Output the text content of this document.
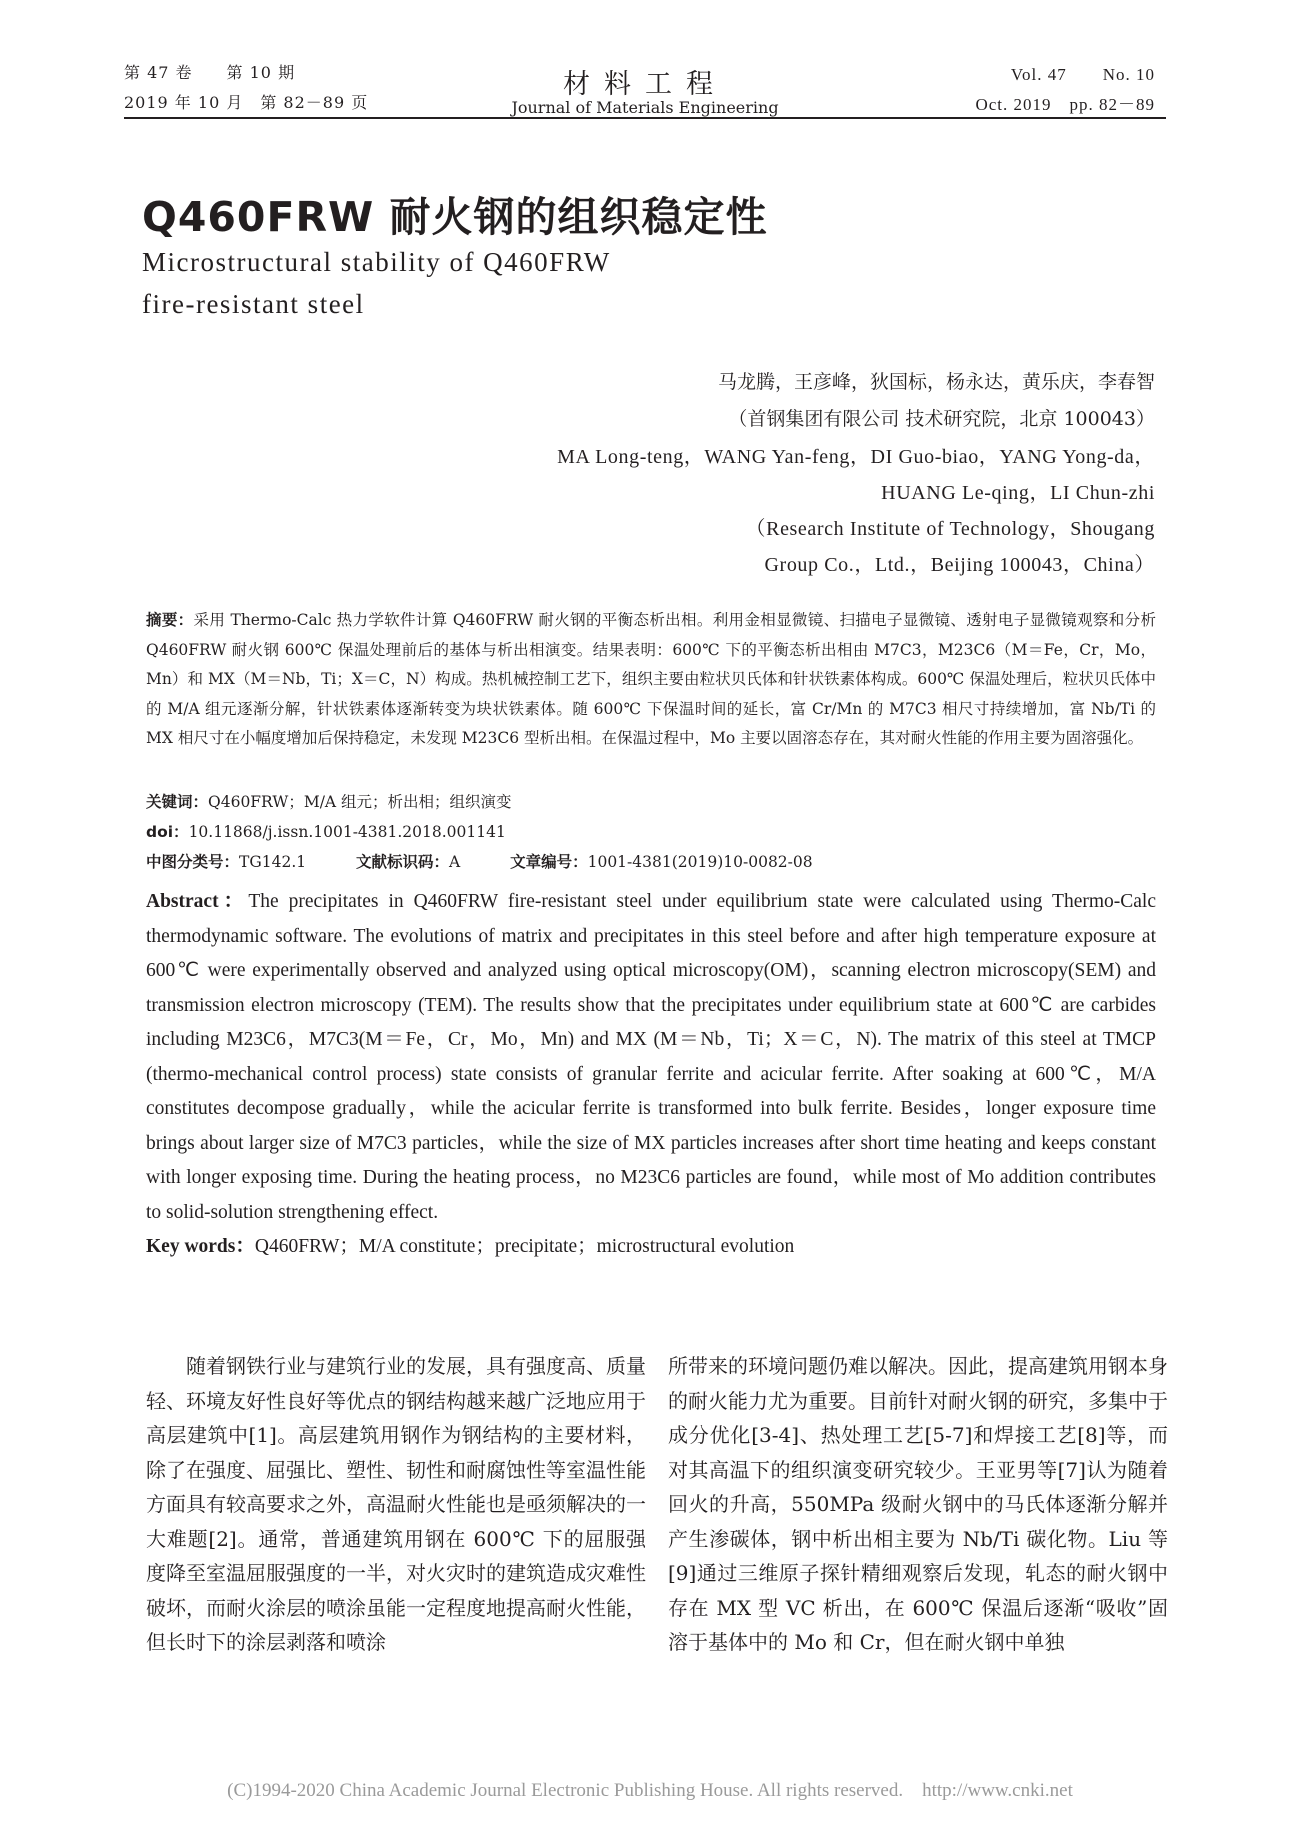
第 47 卷　　第 10 期
2019 年 10 月　第 82－89 页
材料工程
Journal of Materials Engineering
Vol. 47　　No. 10
Oct. 2019　pp. 82－89
Q460FRW 耐火钢的组织稳定性
Microstructural stability of Q460FRW
fire-resistant steel
马龙腾，王彦峰，狄国标，杨永达，黄乐庆，李春智
（首钢集团有限公司 技术研究院，北京 100043）
MA Long-teng，WANG Yan-feng，DI Guo-biao，YANG Yong-da，
HUANG Le-qing，LI Chun-zhi
（Research Institute of Technology，Shougang
Group Co.，Ltd.，Beijing 100043，China）
摘要：采用 Thermo-Calc 热力学软件计算 Q460FRW 耐火钢的平衡态析出相。利用金相显微镜、扫描电子显微镜、透射电子显微镜观察和分析 Q460FRW 耐火钢 600℃ 保温处理前后的基体与析出相演变。结果表明：600℃ 下的平衡态析出相由 M7C3，M23C6（M＝Fe，Cr，Mo，Mn）和 MX（M＝Nb，Ti；X＝C，N）构成。热机械控制工艺下，组织主要由粒状贝氏体和针状铁素体构成。600℃ 保温处理后，粒状贝氏体中的 M/A 组元逐渐分解，针状铁素体逐渐转变为块状铁素体。随 600℃ 下保温时间的延长，富 Cr/Mn 的 M7C3 相尺寸持续增加，富 Nb/Ti 的 MX 相尺寸在小幅度增加后保持稳定，未发现 M23C6 型析出相。在保温过程中，Mo 主要以固溶态存在，其对耐火性能的作用主要为固溶强化。
关键词：Q460FRW；M/A 组元；析出相；组织演变
doi：10.11868/j.issn.1001-4381.2018.001141
中图分类号：TG142.1	文献标识码：A	文章编号：1001-4381(2019)10-0082-08
Abstract：The precipitates in Q460FRW fire-resistant steel under equilibrium state were calculated using Thermo-Calc thermodynamic software. The evolutions of matrix and precipitates in this steel before and after high temperature exposure at 600℃ were experimentally observed and analyzed using optical microscopy(OM)，scanning electron microscopy(SEM) and transmission electron microscopy (TEM). The results show that the precipitates under equilibrium state at 600℃ are carbides including M23C6，M7C3(M＝Fe，Cr，Mo，Mn) and MX (M＝Nb，Ti；X＝C，N). The matrix of this steel at TMCP (thermo-mechanical control process) state consists of granular ferrite and acicular ferrite. After soaking at 600℃，M/A constitutes decompose gradually，while the acicular ferrite is transformed into bulk ferrite. Besides，longer exposure time brings about larger size of M7C3 particles，while the size of MX particles increases after short time heating and keeps constant with longer exposing time. During the heating process，no M23C6 particles are found，while most of Mo addition contributes to solid-solution strengthening effect.
Key words：Q460FRW；M/A constitute；precipitate；microstructural evolution
随着钢铁行业与建筑行业的发展，具有强度高、质量轻、环境友好性良好等优点的钢结构越来越广泛地应用于高层建筑中[1]。高层建筑用钢作为钢结构的主要材料，除了在强度、屈强比、塑性、韧性和耐腐蚀性等室温性能方面具有较高要求之外，高温耐火性能也是亟须解决的一大难题[2]。通常，普通建筑用钢在 600℃ 下的屈服强度降至室温屈服强度的一半，对火灾时的建筑造成灾难性破坏，而耐火涂层的喷涂虽能一定程度地提高耐火性能，但长时下的涂层剥落和喷涂
所带来的环境问题仍难以解决。因此，提高建筑用钢本身的耐火能力尤为重要。目前针对耐火钢的研究，多集中于成分优化[3-4]、热处理工艺[5-7]和焊接工艺[8]等，而对其高温下的组织演变研究较少。王亚男等[7]认为随着回火的升高，550MPa 级耐火钢中的马氏体逐渐分解并产生渗碳体，钢中析出相主要为 Nb/Ti 碳化物。Liu 等[9]通过三维原子探针精细观察后发现，轧态的耐火钢中存在 MX 型 VC 析出，在 600℃ 保温后逐渐“吸收”固溶于基体中的 Mo 和 Cr，但在耐火钢中单独
(C)1994-2020 China Academic Journal Electronic Publishing House. All rights reserved.    http://www.cnki.net
